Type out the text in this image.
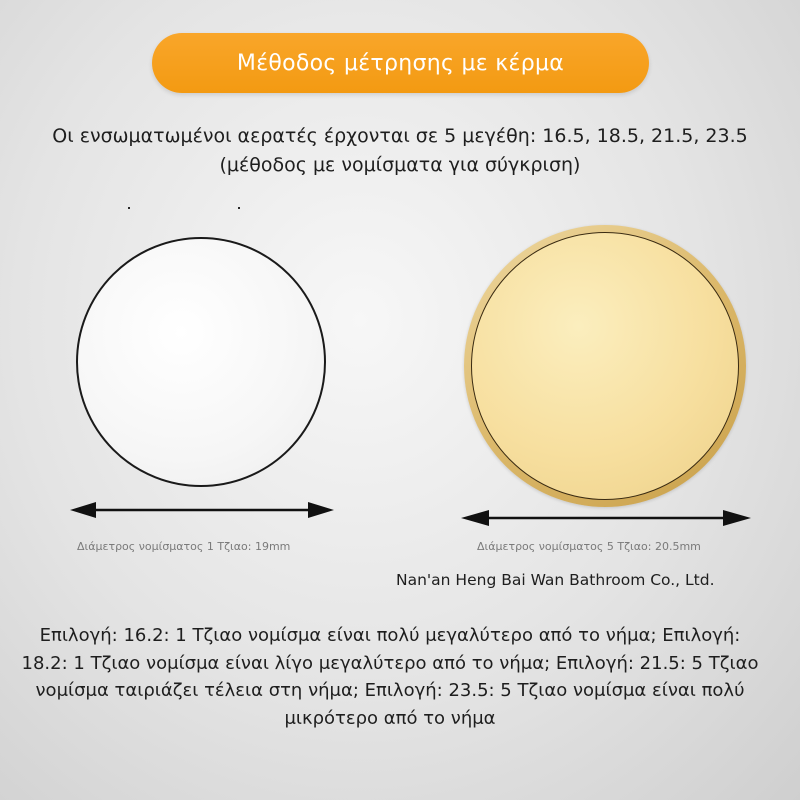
Μέθοδος μέτρησης με κέρμα
Οι ενσωματωμένοι αερατές έρχονται σε 5 μεγέθη: 16.5, 18.5, 21.5, 23.5 (μέθοδος με νομίσματα για σύγκριση)
Διάμετρος νομίσματος 1 Τζιαο: 19mm	Διάμετρος νομίσματος 5 Τζιαο: 20.5mm
Nan'an Heng Bai Wan Bathroom Co., Ltd.
Επιλογή: 16.2: 1 Τζιαο νομίσμα είναι πολύ μεγαλύτερο από το νήμα; Επιλογή: 18.2: 1 Τζιαο νομίσμα είναι λίγο μεγαλύτερο από το νήμα; Επιλογή: 21.5: 5 Τζιαο νομίσμα ταιριάζει τέλεια στη νήμα; Επιλογή: 23.5: 5 Τζιαο νομίσμα είναι πολύ μικρότερο από το νήμα
